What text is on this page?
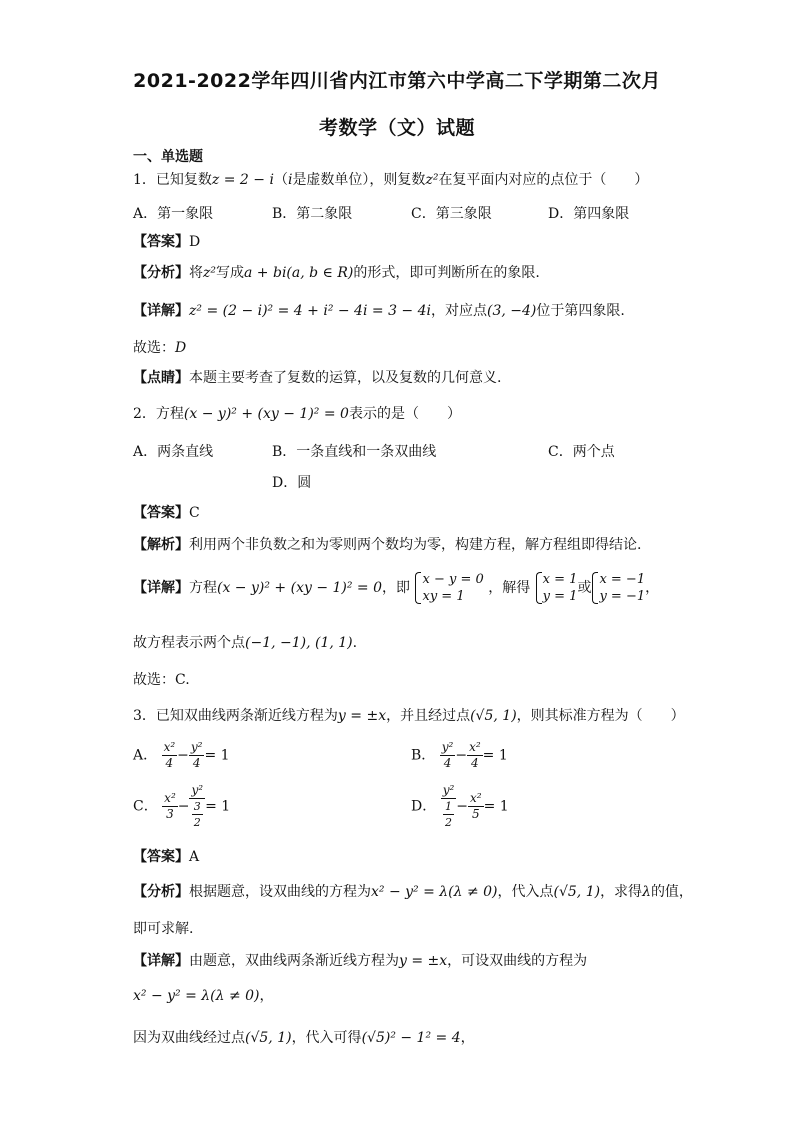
2021-2022学年四川省内江市第六中学高二下学期第二次月
考数学（文）试题
一、单选题
1．已知复数z = 2 − i（i是虚数单位），则复数z²在复平面内对应的点位于（　　）
A．第一象限	B．第二象限	C．第三象限	D．第四象限
【答案】D
【分析】将z²写成a + bi(a, b ∈ R)的形式，即可判断所在的象限.
【详解】z² = (2 − i)² = 4 + i² − 4i = 3 − 4i，对应点(3, −4)位于第四象限.
故选：D
【点睛】本题主要考查了复数的运算，以及复数的几何意义.
2．方程(x − y)² + (xy − 1)² = 0表示的是（　　）
A．两条直线	B．一条直线和一条双曲线	C．两个点
D．圆
【答案】C
【解析】利用两个非负数之和为零则两个数均为零，构建方程，解方程组即得结论.
【详解】方程(x − y)² + (xy − 1)² = 0，即
x − y = 0
xy = 1
，解得
x = 1
y = 1
或
x = −1
y = −1
，
故方程表示两个点(−1, −1), (1, 1).
故选：C.
3．已知双曲线两条渐近线方程为y = ±x，并且经过点(√5, 1)，则其标准方程为（　　）
A． $\frac{\text{x²}}{4} - \frac{\text{y²}}{4} = 1$	B． $\frac{\text{y²}}{4} - \frac{\text{x²}}{4} = 1$
C． $\frac{\text{x²}}{3} - \frac{\text{y²}}{\frac{3}{2}} = 1$	D． $\frac{\text{y²}}{\frac{1}{2}} - \frac{\text{x²}}{5} = 1$
【答案】A
【分析】根据题意，设双曲线的方程为x² − y² = λ(λ ≠ 0)，代入点(√5, 1)，求得λ的值，
即可求解.
【详解】由题意，双曲线两条渐近线方程为y = ±x，可设双曲线的方程为
x² − y² = λ(λ ≠ 0)，
因为双曲线经过点(√5, 1)，代入可得(√5)² − 1² = 4，
